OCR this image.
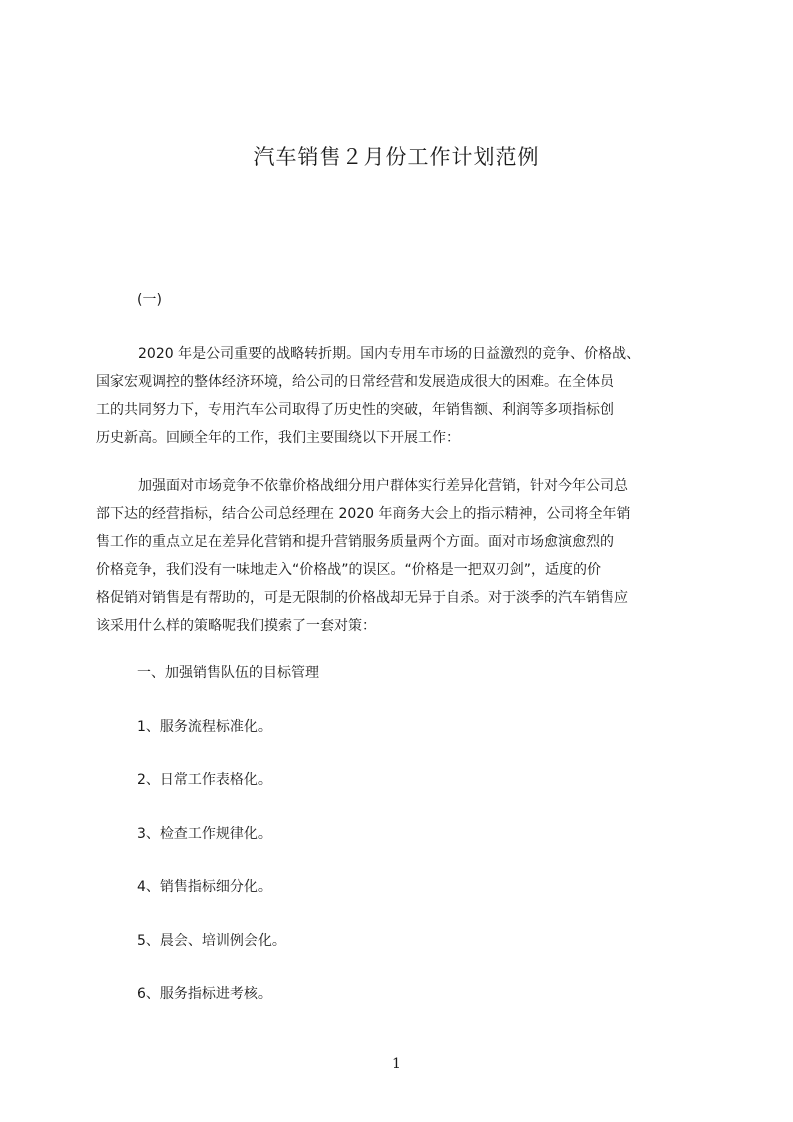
汽车销售２月份工作计划范例
(一)

2020 年是公司重要的战略转折期。国内专用车市场的日益激烈的竞争、价格战、
国家宏观调控的整体经济环境，给公司的日常经营和发展造成很大的困难。在全体员
工的共同努力下，专用汽车公司取得了历史性的突破，年销售额、利润等多项指标创
历史新高。回顾全年的工作，我们主要围绕以下开展工作：

加强面对市场竞争不依靠价格战细分用户群体实行差异化营销，针对今年公司总
部下达的经营指标，结合公司总经理在 2020 年商务大会上的指示精神，公司将全年销
售工作的重点立足在差异化营销和提升营销服务质量两个方面。面对市场愈演愈烈的
价格竞争，我们没有一味地走入“价格战”的误区。“价格是一把双刃剑”，适度的价
格促销对销售是有帮助的，可是无限制的价格战却无异于自杀。对于淡季的汽车销售应
该采用什么样的策略呢我们摸索了一套对策：

一、加强销售队伍的目标管理
1、服务流程标准化。
2、日常工作表格化。
3、检查工作规律化。
4、销售指标细分化。
5、晨会、培训例会化。
6、服务指标进考核。
1
